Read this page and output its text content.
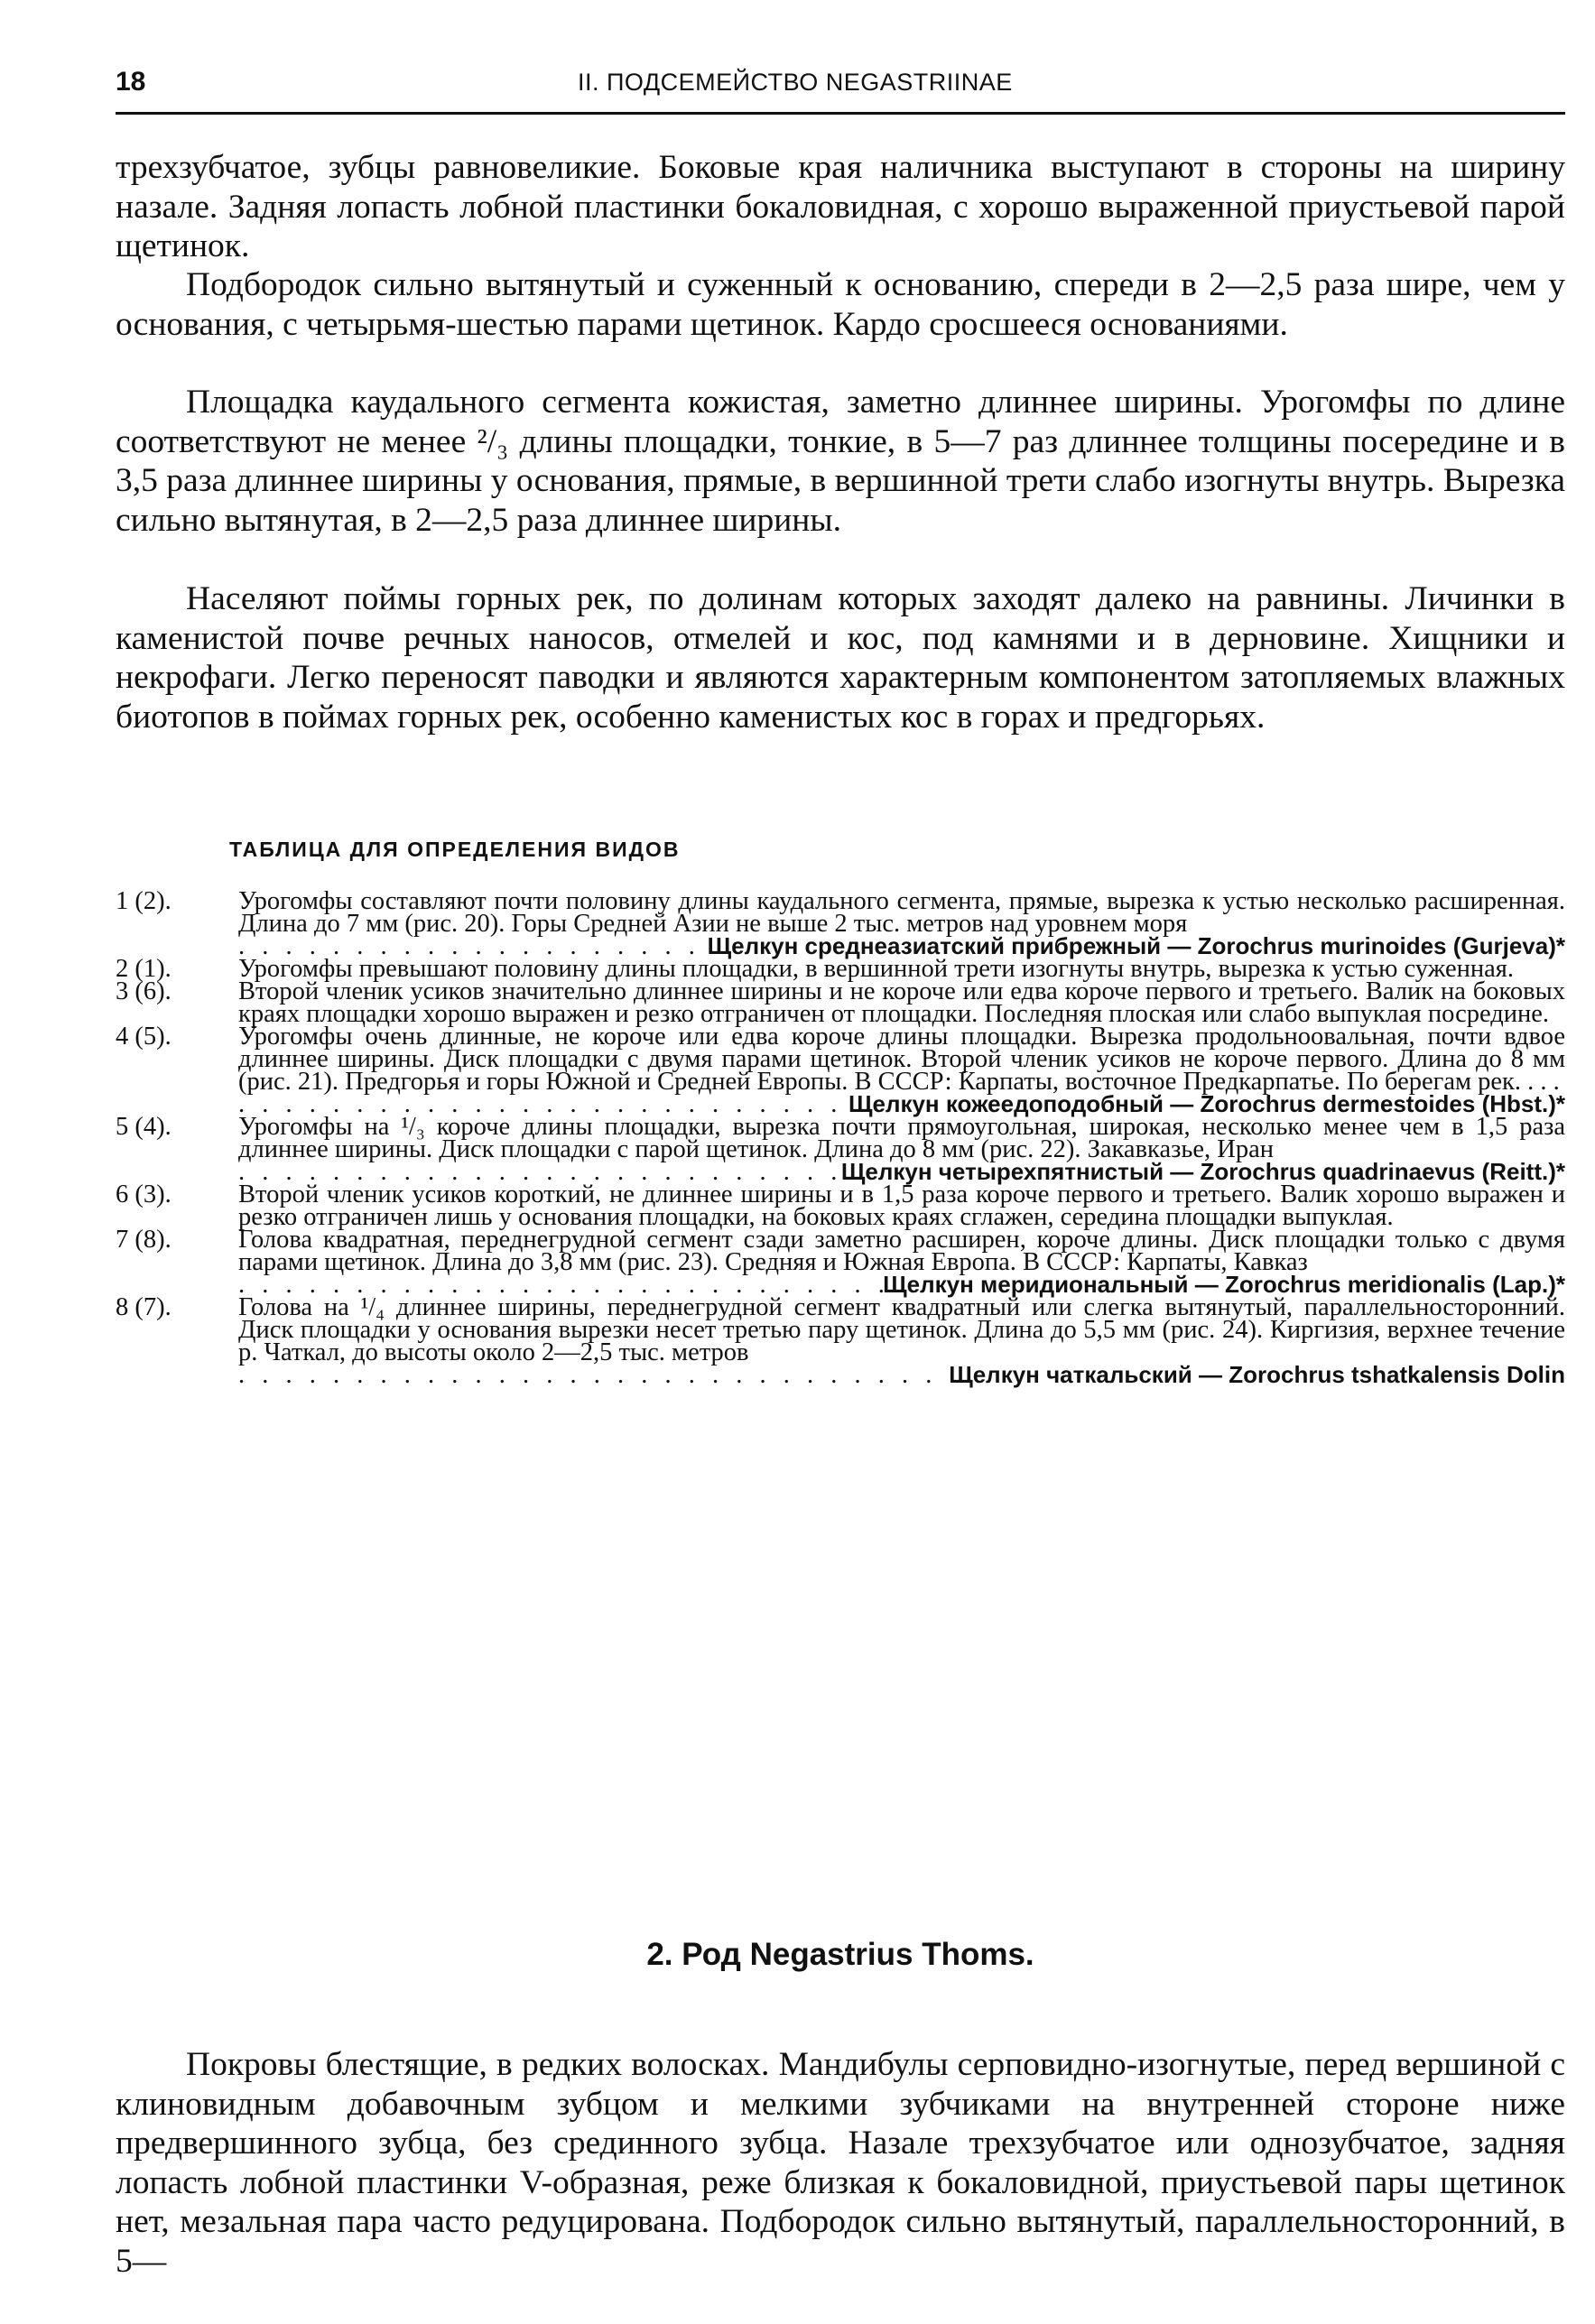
18	II. ПОДСЕМЕЙСТВО NEGASTRIINAE

трехзубчатое, зубцы равновеликие. Боковые края наличника выступают в стороны на ширину назале. Задняя лопасть лобной пластинки бокаловидная, с хорошо выраженной приустьевой парой щетинок.

Подбородок сильно вытянутый и суженный к основанию, спереди в 2—2,5 раза шире, чем у основания, с четырьмя-шестью парами щетинок. Кардо сросшееся основаниями.

Площадка каудального сегмента кожистая, заметно длиннее ширины. Урогомфы по длине соответствуют не менее ²/₃ длины площадки, тонкие, в 5—7 раз длиннее толщины посередине и в 3,5 раза длиннее ширины у основания, прямые, в вершинной трети слабо изогнуты внутрь. Вырезка сильно вытянутая, в 2—2,5 раза длиннее ширины.

Населяют поймы горных рек, по долинам которых заходят далеко на равнины. Личинки в каменистой почве речных наносов, отмелей и кос, под камнями и в дерновине. Хищники и некрофаги. Легко переносят паводки и являются характерным компонентом затопляемых влажных биотопов в поймах горных рек, особенно каменистых кос в горах и предгорьях.

ТАБЛИЦА ДЛЯ ОПРЕДЕЛЕНИЯ ВИДОВ
1 (2).	Урогомфы составляют почти половину длины каудального сегмента, прямые, вырезка к устью несколько расширенная. Длина до 7 мм (рис. 20). Горы Средней Азии не выше 2 тыс. метров над уровнем моря
. . .
Щелкун среднеазиатский прибрежный — Zorochrus murinoides (Gurjeva)*
2 (1).	Урогомфы превышают половину длины площадки, в вершинной трети изогнуты внутрь, вырезка к устью суженная.
3 (6).	Второй членик усиков значительно длиннее ширины и не короче или едва короче первого и третьего. Валик на боковых краях площадки хорошо выражен и резко отграничен от площадки. Последняя плоская или слабо выпуклая посредине.
4 (5).	Урогомфы очень длинные, не короче или едва короче длины площадки. Вырезка продольноовальная, почти вдвое длиннее ширины. Диск площадки с двумя парами щетинок. Второй членик усиков не короче первого. Длина до 8 мм (рис. 21). Предгорья и горы Южной и Средней Европы. В СССР: Карпаты, восточное Предкарпатье. По берегам рек. . . .
. . .
Щелкун кожеедоподобный — Zorochrus dermestoides (Hbst.)*
5 (4).	Урогомфы на ¹/₃ короче длины площадки, вырезка почти прямоугольная, широкая, несколько менее чем в 1,5 раза длиннее ширины. Диск площадки с парой щетинок. Длина до 8 мм (рис. 22). Закавказье, Иран
. . .
Щелкун четырехпятнистый — Zorochrus quadrinaevus (Reitt.)*
6 (3).	Второй членик усиков короткий, не длиннее ширины и в 1,5 раза короче первого и третьего. Валик хорошо выражен и резко отграничен лишь у основания площадки, на боковых краях сглажен, середина площадки выпуклая.
7 (8).	Голова квадратная, переднегрудной сегмент сзади заметно расширен, короче длины. Диск площадки только с двумя парами щетинок. Длина до 3,8 мм (рис. 23). Средняя и Южная Европа. В СССР: Карпаты, Кавказ
. . .
Щелкун меридиональный — Zorochrus meridionalis (Lap.)*
8 (7).	Голова на ¹/₄ длиннее ширины, переднегрудной сегмент квадратный или слегка вытянутый, параллельносторонний. Диск площадки у основания вырезки несет третью пару щетинок. Длина до 5,5 мм (рис. 24). Киргизия, верхнее течение р. Чаткал, до высоты около 2—2,5 тыс. метров
. . .
Щелкун чаткальский — Zorochrus tshatkalensis Dolin
2. Род Negastrius Thoms.

Покровы блестящие, в редких волосках. Мандибулы серповидно-изогнутые, перед вершиной с клиновидным добавочным зубцом и мелкими зубчиками на внутренней стороне ниже предвершинного зубца, без срединного зубца. Назале трехзубчатое или однозубчатое, задняя лопасть лобной пластинки V-образная, реже близкая к бокаловидной, приустьевой пары щетинок нет, мезальная пара часто редуцирована. Подбородок сильно вытянутый, параллельносторонний, в 5—
